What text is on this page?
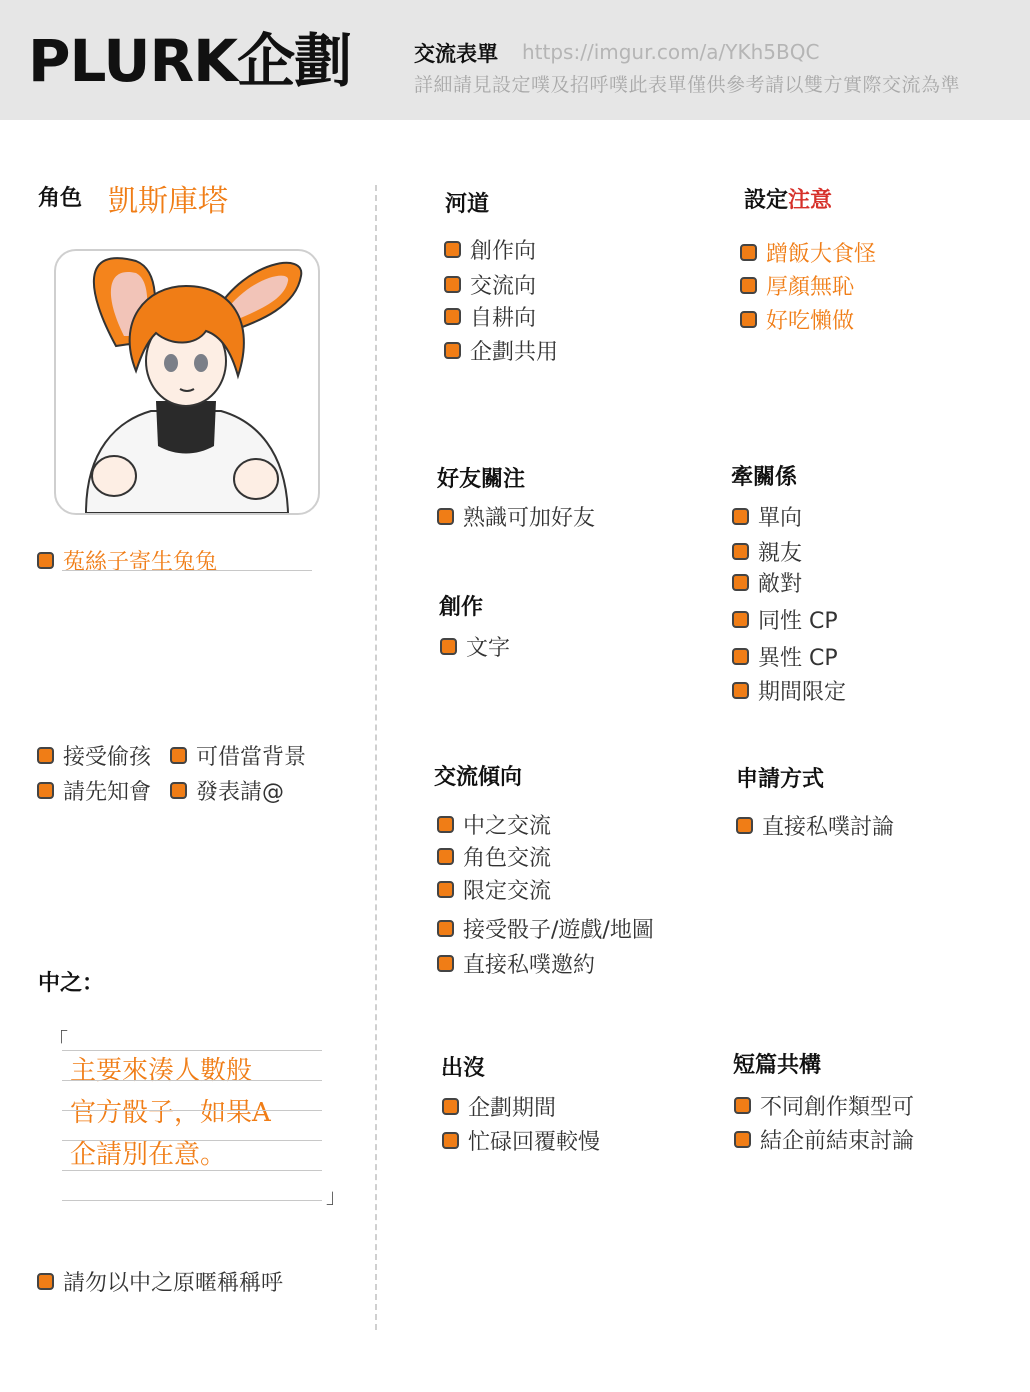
PLURK企劃	交流表單 https://imgur.com/a/YKh5BQC
詳細請見設定噗及招呼噗此表單僅供參考請以雙方實際交流為準
角色 凱斯庫塔
菟絲子寄生兔兔
接受偷孩 可借當背景
請先知會 發表請@
中之：
「
主要來湊人數般
官方骰子，如果A
企請別在意。
」
請勿以中之原暱稱稱呼
河道
創作向
交流向
自耕向
企劃共用
設定注意
蹭飯大食怪
厚顏無恥
好吃懶做
好友關注
熟識可加好友
牽關係
單向
親友
敵對
同性 CP
異性 CP
期間限定
創作
文字
交流傾向
中之交流
角色交流
限定交流
接受骰子/遊戲/地圖
直接私噗邀約
申請方式
直接私噗討論
出沒
企劃期間
忙碌回覆較慢
短篇共構
不同創作類型可
結企前結束討論
